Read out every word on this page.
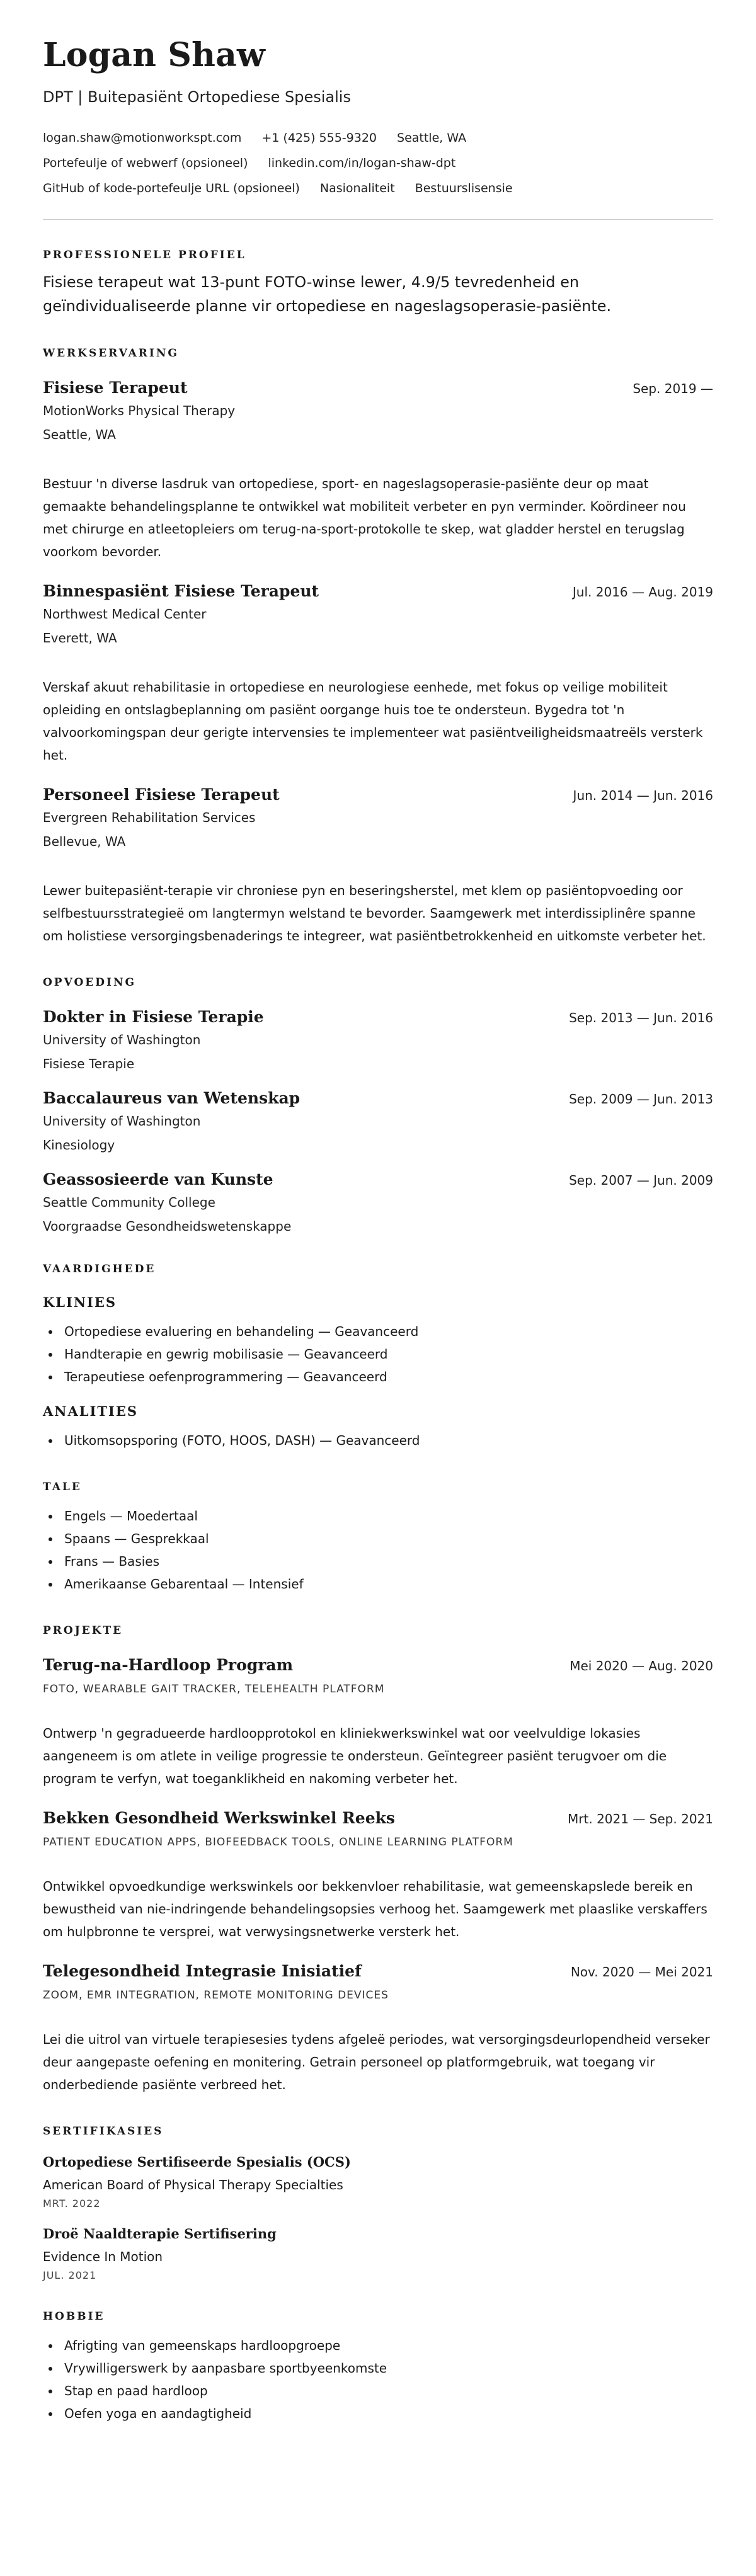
Logan Shaw
DPT | Buitepasiënt Ortopediese Spesialis
logan.shaw@motionworkspt.com +1 (425) 555-9320 Seattle, WA
Portefeulje of webwerf (opsioneel) linkedin.com/in/logan-shaw-dpt
GitHub of kode-portefeulje URL (opsioneel) Nasionaliteit Bestuurslisensie
PROFESSIONELE PROFIEL
Fisiese terapeut wat 13-punt FOTO-winse lewer, 4.9/5 tevredenheid en geïndividualiseerde planne vir ortopediese en nageslagsoperasie-pasiënte.
WERKSERVARING
Fisiese Terapeut	Sep. 2019 —
MotionWorks Physical Therapy
Seattle, WA
Bestuur 'n diverse lasdruk van ortopediese, sport- en nageslagsoperasie-pasiënte deur op maat gemaakte behandelingsplanne te ontwikkel wat mobiliteit verbeter en pyn verminder. Koördineer nou met chirurge en atleetopleiers om terug-na-sport-protokolle te skep, wat gladder herstel en terugslag voorkom bevorder.
Binnespasiënt Fisiese Terapeut	Jul. 2016 — Aug. 2019
Northwest Medical Center
Everett, WA
Verskaf akuut rehabilitasie in ortopediese en neurologiese eenhede, met fokus op veilige mobiliteit opleiding en ontslagbeplanning om pasiënt oorgange huis toe te ondersteun. Bygedra tot 'n valvoorkomingspan deur gerigte intervensies te implementeer wat pasiëntveiligheidsmaatreëls versterk het.
Personeel Fisiese Terapeut	Jun. 2014 — Jun. 2016
Evergreen Rehabilitation Services
Bellevue, WA
Lewer buitepasiënt-terapie vir chroniese pyn en beseringsherstel, met klem op pasiëntopvoeding oor selfbestuursstrategieë om langtermyn welstand te bevorder. Saamgewerk met interdissiplinêre spanne om holistiese versorgingsbenaderings te integreer, wat pasiëntbetrokkenheid en uitkomste verbeter het.
OPVOEDING
Dokter in Fisiese Terapie	Sep. 2013 — Jun. 2016
University of Washington
Fisiese Terapie
Baccalaureus van Wetenskap	Sep. 2009 — Jun. 2013
University of Washington
Kinesiology
Geassosieerde van Kunste	Sep. 2007 — Jun. 2009
Seattle Community College
Voorgraadse Gesondheidswetenskappe
VAARDIGHEDE
KLINIES
• Ortopediese evaluering en behandeling — Geavanceerd
• Handterapie en gewrig mobilisasie — Geavanceerd
• Terapeutiese oefenprogrammering — Geavanceerd
ANALITIES
• Uitkomsopsporing (FOTO, HOOS, DASH) — Geavanceerd
TALE
• Engels — Moedertaal
• Spaans — Gesprekkaal
• Frans — Basies
• Amerikaanse Gebarentaal — Intensief
PROJEKTE
Terug-na-Hardloop Program	Mei 2020 — Aug. 2020
FOTO, WEARABLE GAIT TRACKER, TELEHEALTH PLATFORM
Ontwerp 'n gegradueerde hardloopprotokol en kliniekwerkswinkel wat oor veelvuldige lokasies aangeneem is om atlete in veilige progressie te ondersteun. Geïntegreer pasiënt terugvoer om die program te verfyn, wat toeganklikheid en nakoming verbeter het.
Bekken Gesondheid Werkswinkel Reeks	Mrt. 2021 — Sep. 2021
PATIENT EDUCATION APPS, BIOFEEDBACK TOOLS, ONLINE LEARNING PLATFORM
Ontwikkel opvoedkundige werkswinkels oor bekkenvloer rehabilitasie, wat gemeenskapslede bereik en bewustheid van nie-indringende behandelingsopsies verhoog het. Saamgewerk met plaaslike verskaffers om hulpbronne te versprei, wat verwysingsnetwerke versterk het.
Telegesondheid Integrasie Inisiatief	Nov. 2020 — Mei 2021
ZOOM, EMR INTEGRATION, REMOTE MONITORING DEVICES
Lei die uitrol van virtuele terapiesesies tydens afgeleë periodes, wat versorgingsdeurlopendheid verseker deur aangepaste oefening en monitering. Getrain personeel op platformgebruik, wat toegang vir onderbediende pasiënte verbreed het.
SERTIFIKASIES
Ortopediese Sertifiseerde Spesialis (OCS)
American Board of Physical Therapy Specialties
MRT. 2022
Droë Naaldterapie Sertifisering
Evidence In Motion
JUL. 2021
HOBBIE
• Afrigting van gemeenskaps hardloopgroepe
• Vrywilligerswerk by aanpasbare sportbyeenkomste
• Stap en paad hardloop
• Oefen yoga en aandagtigheid
